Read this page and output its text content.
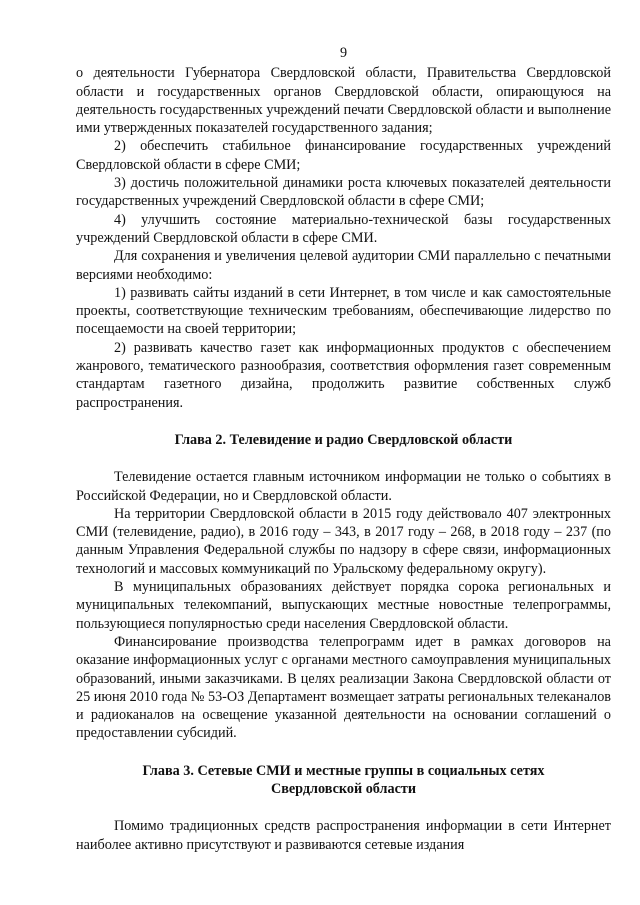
9

о деятельности Губернатора Свердловской области, Правительства Свердловской области и государственных органов Свердловской области, опирающуюся на деятельность государственных учреждений печати Свердловской области и выполнение ими утвержденных показателей государственного задания;

2) обеспечить стабильное финансирование государственных учреждений Свердловской области в сфере СМИ;

3) достичь положительной динамики роста ключевых показателей деятельности государственных учреждений Свердловской области в сфере СМИ;

4) улучшить состояние материально-технической базы государственных учреждений Свердловской области в сфере СМИ.

Для сохранения и увеличения целевой аудитории СМИ параллельно с печатными версиями необходимо:

1) развивать сайты изданий в сети Интернет, в том числе и как самостоятельные проекты, соответствующие техническим требованиям, обеспечивающие лидерство по посещаемости на своей территории;

2) развивать качество газет как информационных продуктов с обеспечением жанрового, тематического разнообразия, соответствия оформления газет современным стандартам газетного дизайна, продолжить развитие собственных служб распространения.

Глава 2. Телевидение и радио Свердловской области

Телевидение остается главным источником информации не только о событиях в Российской Федерации, но и Свердловской области.

На территории Свердловской области в 2015 году действовало 407 электронных СМИ (телевидение, радио), в 2016 году – 343, в 2017 году – 268, в 2018 году – 237 (по данным Управления Федеральной службы по надзору в сфере связи, информационных технологий и массовых коммуникаций по Уральскому федеральному округу).

В муниципальных образованиях действует порядка сорока региональных и муниципальных телекомпаний, выпускающих местные новостные телепрограммы, пользующиеся популярностью среди населения Свердловской области.

Финансирование производства телепрограмм идет в рамках договоров на оказание информационных услуг с органами местного самоуправления муниципальных образований, иными заказчиками. В целях реализации Закона Свердловской области от 25 июня 2010 года № 53-ОЗ Департамент возмещает затраты региональных телеканалов и радиоканалов на освещение указанной деятельности на основании соглашений о предоставлении субсидий.

Глава 3. Сетевые СМИ и местные группы в социальных сетях
Свердловской области

Помимо традиционных средств распространения информации в сети Интернет наиболее активно присутствуют и развиваются сетевые издания
